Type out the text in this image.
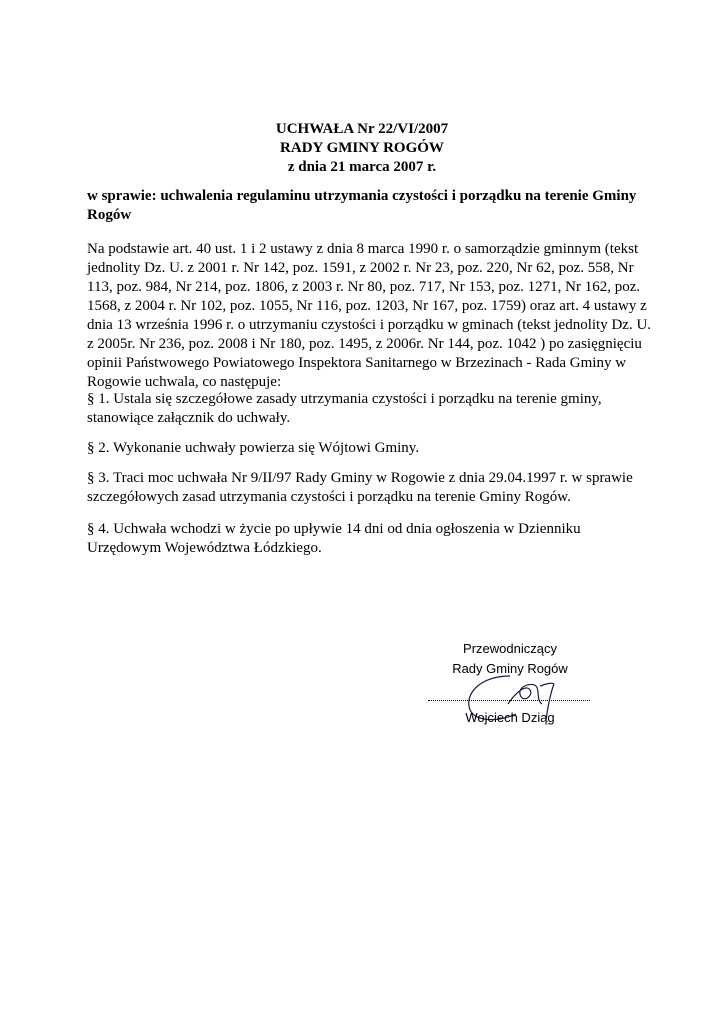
UCHWAŁA Nr 22/VI/2007
RADY GMINY ROGÓW
z dnia 21 marca 2007 r.
w sprawie: uchwalenia regulaminu utrzymania czystości i porządku na terenie Gminy
Rogów
Na podstawie art. 40 ust. 1 i 2 ustawy z dnia 8 marca 1990 r. o samorządzie gminnym (tekst
jednolity Dz. U. z 2001 r. Nr 142, poz. 1591, z 2002 r. Nr 23, poz. 220, Nr 62, poz. 558, Nr
113, poz. 984, Nr 214, poz. 1806, z 2003 r. Nr 80, poz. 717, Nr 153, poz. 1271, Nr 162, poz.
1568, z 2004 r. Nr 102, poz. 1055, Nr 116, poz. 1203, Nr 167, poz. 1759) oraz art. 4 ustawy z
dnia 13 września 1996 r. o utrzymaniu czystości i porządku w gminach (tekst jednolity Dz. U.
z 2005r. Nr 236, poz. 2008 i Nr 180, poz. 1495, z 2006r. Nr 144, poz. 1042 ) po zasięgnięciu
opinii Państwowego Powiatowego Inspektora Sanitarnego w Brzezinach - Rada Gminy w
Rogowie uchwala, co następuje:
§ 1. Ustala się szczegółowe zasady utrzymania czystości i porządku na terenie gminy,
stanowiące załącznik do uchwały.
§ 2. Wykonanie uchwały powierza się Wójtowi Gminy.
§ 3. Traci moc uchwała Nr 9/II/97 Rady Gminy w Rogowie z dnia 29.04.1997 r. w sprawie
szczegółowych zasad utrzymania czystości i porządku na terenie Gminy Rogów.
§ 4. Uchwała wchodzi w życie po upływie 14 dni od dnia ogłoszenia w Dzienniku
Urzędowym Województwa Łódzkiego.
Przewodniczący
Rady Gminy Rogów
Wojciech Dziąg
